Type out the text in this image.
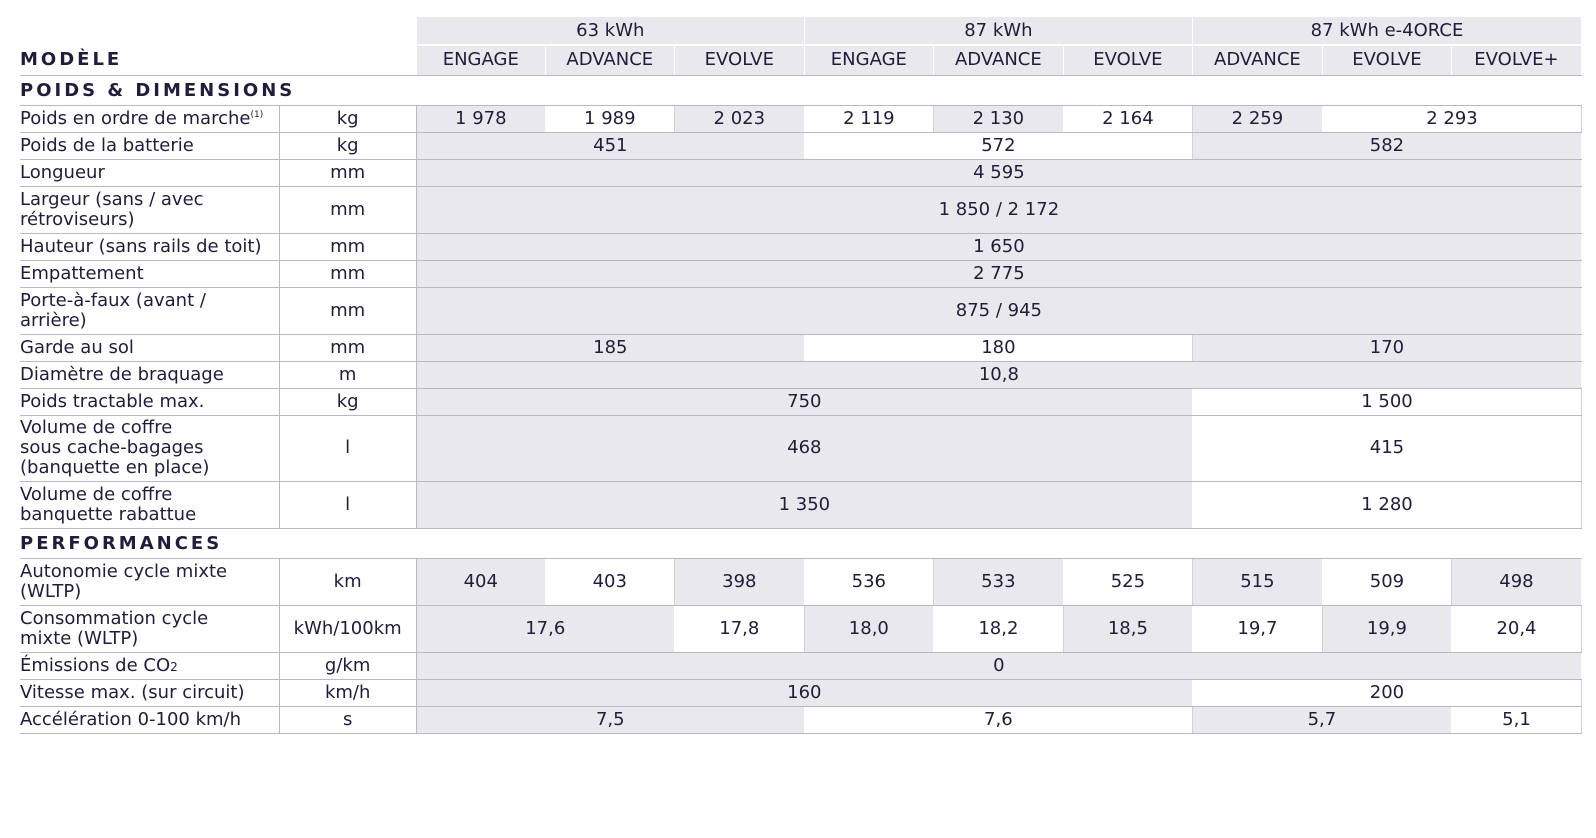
		63 kWh			87 kWh			87 kWh e-4ORCE		
MODÈLE		ENGAGE	ADVANCE	EVOLVE	ENGAGE	ADVANCE	EVOLVE	ADVANCE	EVOLVE	EVOLVE+
POIDS & DIMENSIONS										
Poids en ordre de marche$^{(1)}$	kg	1 978	1 989	2 023	2 119	2 130	2 164	2 259	2 293	
Poids de la batterie	kg	451			572			582		
Longueur	mm	4 595								
Largeur (sans / avec
rétroviseurs)	mm	1 850 / 2 172								
Hauteur (sans rails de toit)	mm	1 650								
Empattement	mm	2 775								
Porte-à-faux (avant /
arrière)	mm	875 / 945								
Garde au sol	mm	185			180			170		
Diamètre de braquage	m	10,8								
Poids tractable max.	kg	750						1 500		
Volume de coffre
sous cache-bagages
(banquette en place)	l	468						415		
Volume de coffre
banquette rabattue	l	1 350						1 280		
PERFORMANCES										
Autonomie cycle mixte
(WLTP)	km	404	403	398	536	533	525	515	509	498
Consommation cycle
mixte (WLTP)	kWh/100km	17,6		17,8	18,0	18,2	18,5	19,7	19,9	20,4
Émissions de CO2	g/km	0								
Vitesse max. (sur circuit)	km/h	160						200		
Accélération 0-100 km/h	s	7,5			7,6			5,7		5,1
